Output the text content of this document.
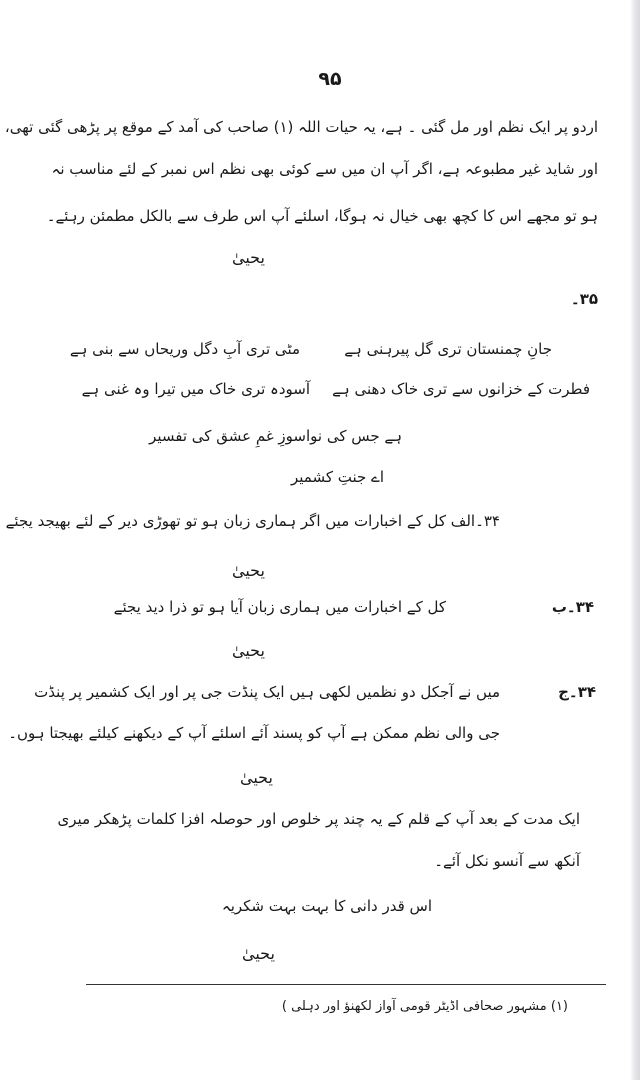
۹۵
اردو پر ایک نظم اور مل گئی ۔ ہے، یہ حیات اللہ (۱) صاحب کی آمد کے موقع پر پڑھی گئی تھی،
اور شاید غیر مطبوعہ ہے، اگر آپ ان میں سے کوئی بھی نظم اس نمبر کے لئے مناسب نہ
ہو تو مجھے اس کا کچھ بھی خیال نہ ہوگا، اسلئے آپ اس طرف سے بالکل مطمئن رہئے۔
یحییٰ
۳۵۔
جانِ چمنستان تری گل پیرہنی ہے
مٹی تری آبِ دگل وریحاں سے بنی ہے
فطرت کے خزانوں سے تری خاک دھنی ہے
آسودہ تری خاک میں تیرا وہ غنی ہے
ہے جس کی نواسوزِ غمِ عشق کی تفسیر
اے جنتِ کشمیر
۳۴۔الف کل کے اخبارات میں اگر ہماری زبان ہو تو تھوڑی دیر کے لئے بھیجد یجئے
یحییٰ
۳۴۔ب
کل کے اخبارات میں ہماری زبان آیا ہو تو ذرا دید یجئے
یحییٰ
۳۴۔ج
میں نے آجکل دو نظمیں لکھی ہیں ایک پنڈت جی پر اور ایک کشمیر پر پنڈت
جی والی نظم ممکن ہے آپ کو پسند آئے اسلئے آپ کے دیکھنے کیلئے بھیجتا ہوں۔
یحییٰ
ایک مدت کے بعد آپ کے قلم کے یہ چند پر خلوص اور حوصلہ افزا کلمات پڑھکر میری
آنکھ سے آنسو نکل آئے۔
اس قدر دانی کا بہت بہت شکریہ
یحییٰ
(۱) مشہور صحافی اڈیٹر قومی آواز لکھنؤ اور دہلی )
